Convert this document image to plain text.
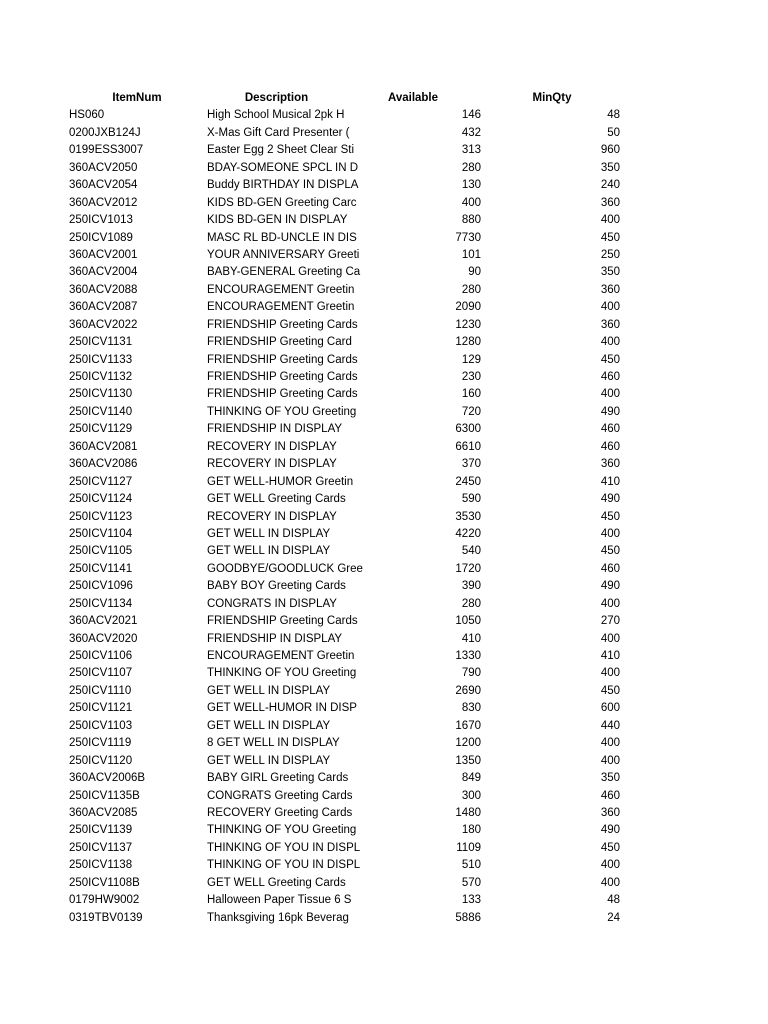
ItemNum	Description	Available	MinQty
HS060	High School Musical 2pk H	146	48
0200JXB124J	X-Mas Gift Card Presenter (	432	50
0199ESS3007	Easter Egg 2 Sheet Clear Sti	313	960
360ACV2050	BDAY-SOMEONE SPCL IN D	280	350
360ACV2054	Buddy BIRTHDAY IN DISPLA	130	240
360ACV2012	KIDS BD-GEN Greeting Carc	400	360
250ICV1013	KIDS BD-GEN IN DISPLAY	880	400
250ICV1089	MASC RL BD-UNCLE IN DIS	7730	450
360ACV2001	YOUR ANNIVERSARY Greeti	101	250
360ACV2004	BABY-GENERAL Greeting Ca	90	350
360ACV2088	ENCOURAGEMENT Greetin	280	360
360ACV2087	ENCOURAGEMENT Greetin	2090	400
360ACV2022	FRIENDSHIP Greeting Cards	1230	360
250ICV1131	FRIENDSHIP Greeting Card	1280	400
250ICV1133	FRIENDSHIP Greeting Cards	129	450
250ICV1132	FRIENDSHIP Greeting Cards	230	460
250ICV1130	FRIENDSHIP Greeting Cards	160	400
250ICV1140	THINKING OF YOU Greeting	720	490
250ICV1129	FRIENDSHIP IN DISPLAY	6300	460
360ACV2081	RECOVERY IN DISPLAY	6610	460
360ACV2086	RECOVERY IN DISPLAY	370	360
250ICV1127	GET WELL-HUMOR Greetin	2450	410
250ICV1124	GET WELL Greeting Cards	590	490
250ICV1123	RECOVERY IN DISPLAY	3530	450
250ICV1104	GET WELL IN DISPLAY	4220	400
250ICV1105	GET WELL IN DISPLAY	540	450
250ICV1141	GOODBYE/GOODLUCK Gree	1720	460
250ICV1096	BABY BOY Greeting Cards	390	490
250ICV1134	CONGRATS IN DISPLAY	280	400
360ACV2021	FRIENDSHIP Greeting Cards	1050	270
360ACV2020	FRIENDSHIP IN DISPLAY	410	400
250ICV1106	ENCOURAGEMENT Greetin	1330	410
250ICV1107	THINKING OF YOU Greeting	790	400
250ICV1110	GET WELL IN DISPLAY	2690	450
250ICV1121	GET WELL-HUMOR IN DISP	830	600
250ICV1103	GET WELL IN DISPLAY	1670	440
250ICV1119	8 GET WELL IN DISPLAY	1200	400
250ICV1120	GET WELL IN DISPLAY	1350	400
360ACV2006B	BABY GIRL Greeting Cards	849	350
250ICV1135B	CONGRATS Greeting Cards	300	460
360ACV2085	RECOVERY Greeting Cards	1480	360
250ICV1139	THINKING OF YOU Greeting	180	490
250ICV1137	THINKING OF YOU IN DISPL	1109	450
250ICV1138	THINKING OF YOU IN DISPL	510	400
250ICV1108B	GET WELL Greeting Cards	570	400
0179HW9002	Halloween Paper Tissue 6 S	133	48
0319TBV0139	Thanksgiving 16pk Beverag	5886	24
